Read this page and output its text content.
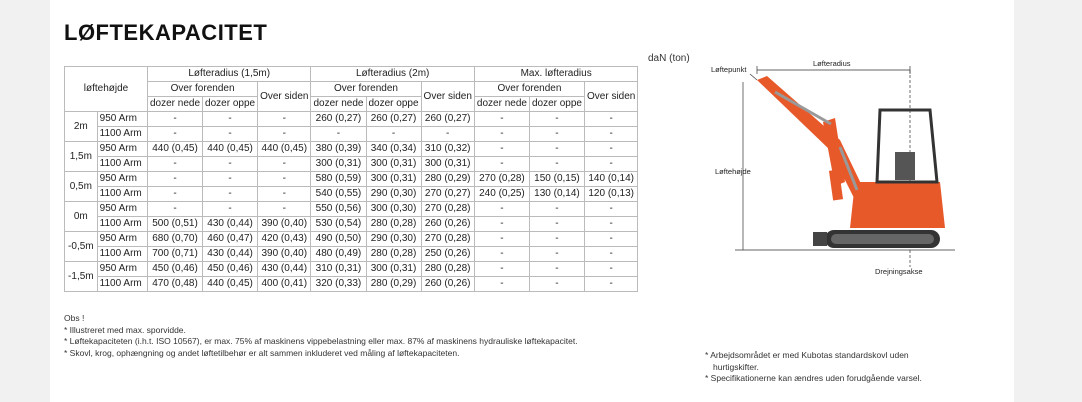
LØFTEKAPACITET
daN (ton)
løftehøjde		Løfteradius (1,5m)			Løfteradius (2m)			Max. løfteradius		
		Over forenden		Over siden	Over forenden		Over siden	Over forenden		Over siden
		dozer nede	dozer oppe		dozer nede	dozer oppe		dozer nede	dozer oppe	
2m	950 Arm	-	-	-	260 (0,27)	260 (0,27)	260 (0,27)	-	-	-
	1100 Arm	-	-	-	-	-	-	-	-	-
1,5m	950 Arm	440 (0,45)	440 (0,45)	440 (0,45)	380 (0,39)	340 (0,34)	310 (0,32)	-	-	-
	1100 Arm	-	-	-	300 (0,31)	300 (0,31)	300 (0,31)	-	-	-
0,5m	950 Arm	-	-	-	580 (0,59)	300 (0,31)	280 (0,29)	270 (0,28)	150 (0,15)	140 (0,14)
	1100 Arm	-	-	-	540 (0,55)	290 (0,30)	270 (0,27)	240 (0,25)	130 (0,14)	120 (0,13)
0m	950 Arm	-	-	-	550 (0,56)	300 (0,30)	270 (0,28)	-	-	-
	1100 Arm	500 (0,51)	430 (0,44)	390 (0,40)	530 (0,54)	280 (0,28)	260 (0,26)	-	-	-
-0,5m	950 Arm	680 (0,70)	460 (0,47)	420 (0,43)	490 (0,50)	290 (0,30)	270 (0,28)	-	-	-
	1100 Arm	700 (0,71)	430 (0,44)	390 (0,40)	480 (0,49)	280 (0,28)	250 (0,26)	-	-	-
-1,5m	950 Arm	450 (0,46)	450 (0,46)	430 (0,44)	310 (0,31)	300 (0,31)	280 (0,28)	-	-	-
	1100 Arm	470 (0,48)	440 (0,45)	400 (0,41)	320 (0,33)	280 (0,29)	260 (0,26)	-	-	-
Obs !
* Illustreret med max. sporvidde.
* Løftekapaciteten (i.h.t. ISO 10567), er max. 75% af maskinens vippebelastning eller max. 87% af maskinens hydrauliske løftekapacitet.
* Skovl, krog, ophængning og andet løftetilbehør er alt sammen inkluderet ved måling af løftekapaciteten.	* Arbejdsområdet er med Kubotas standardskovl uden
hurtigskifter.
* Specifikationerne kan ændres uden forudgående varsel.
Løfteradius
Løftepunkt
Løftehøjde
Drejningsakse
